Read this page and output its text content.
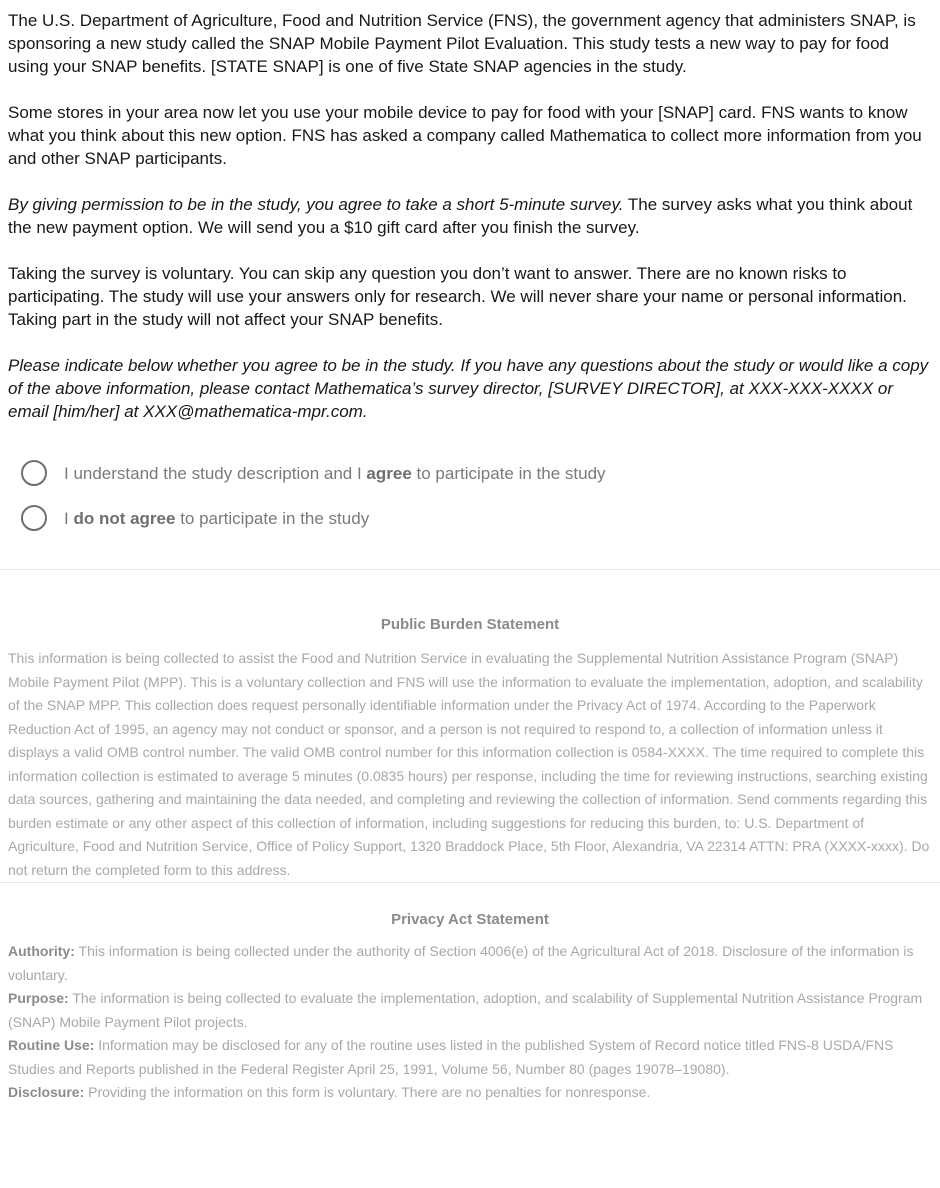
The U.S. Department of Agriculture, Food and Nutrition Service (FNS), the government agency that administers SNAP, is sponsoring a new study called the SNAP Mobile Payment Pilot Evaluation. This study tests a new way to pay for food using your SNAP benefits. [STATE SNAP] is one of five State SNAP agencies in the study.

Some stores in your area now let you use your mobile device to pay for food with your [SNAP] card. FNS wants to know what you think about this new option. FNS has asked a company called Mathematica to collect more information from you and other SNAP participants.

By giving permission to be in the study, you agree to take a short 5-minute survey. The survey asks what you think about the new payment option. We will send you a $10 gift card after you finish the survey.

Taking the survey is voluntary. You can skip any question you don’t want to answer. There are no known risks to participating. The study will use your answers only for research. We will never share your name or personal information. Taking part in the study will not affect your SNAP benefits.

Please indicate below whether you agree to be in the study. If you have any questions about the study or would like a copy of the above information, please contact Mathematica’s survey director, [SURVEY DIRECTOR], at XXX-XXX-XXXX or email [him/her] at XXX@mathematica-mpr.com.

I understand the study description and I agree to participate in the study
I do not agree to participate in the study
Public Burden Statement

This information is being collected to assist the Food and Nutrition Service in evaluating the Supplemental Nutrition Assistance Program (SNAP) Mobile Payment Pilot (MPP). This is a voluntary collection and FNS will use the information to evaluate the implementation, adoption, and scalability of the SNAP MPP. This collection does request personally identifiable information under the Privacy Act of 1974. According to the Paperwork Reduction Act of 1995, an agency may not conduct or sponsor, and a person is not required to respond to, a collection of information unless it displays a valid OMB control number. The valid OMB control number for this information collection is 0584-XXXX. The time required to complete this information collection is estimated to average 5 minutes (0.0835 hours) per response, including the time for reviewing instructions, searching existing data sources, gathering and maintaining the data needed, and completing and reviewing the collection of information. Send comments regarding this burden estimate or any other aspect of this collection of information, including suggestions for reducing this burden, to: U.S. Department of Agriculture, Food and Nutrition Service, Office of Policy Support, 1320 Braddock Place, 5th Floor, Alexandria, VA 22314 ATTN: PRA (XXXX-xxxx). Do not return the completed form to this address.

Privacy Act Statement

Authority: This information is being collected under the authority of Section 4006(e) of the Agricultural Act of 2018. Disclosure of the information is voluntary.

Purpose: The information is being collected to evaluate the implementation, adoption, and scalability of Supplemental Nutrition Assistance Program (SNAP) Mobile Payment Pilot projects.

Routine Use: Information may be disclosed for any of the routine uses listed in the published System of Record notice titled FNS-8 USDA/FNS Studies and Reports published in the Federal Register April 25, 1991, Volume 56, Number 80 (pages 19078–19080).

Disclosure: Providing the information on this form is voluntary. There are no penalties for nonresponse.
